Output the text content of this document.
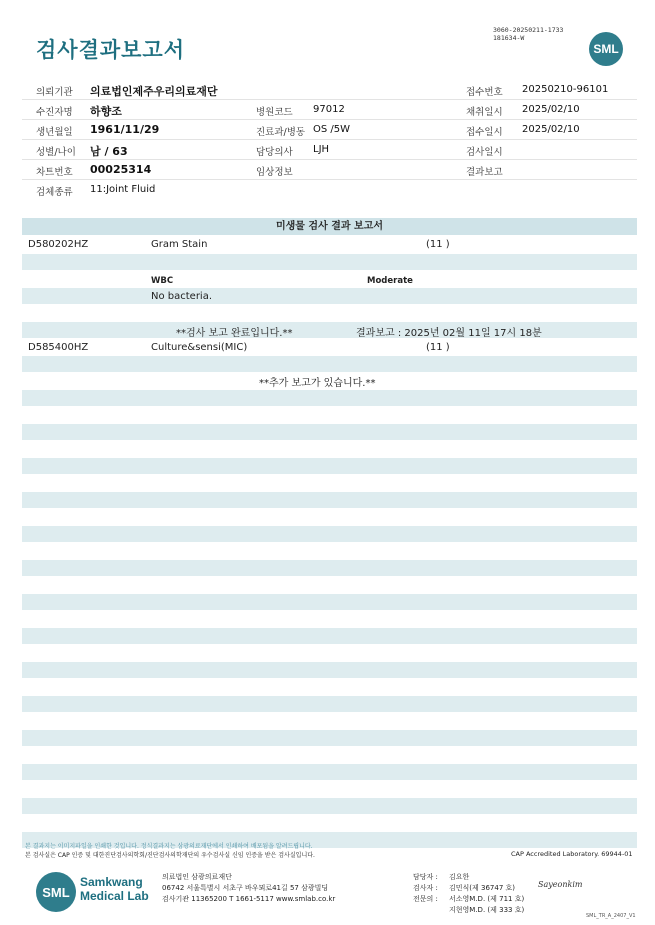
검사결과보고서
3060-20250211-1733
181634-W
SML
의뢰기관 의료법인제주우리의료재단	접수번호 20250210-96101
수진자명 하향조	병원코드 97012	채취일시 2025/02/10
생년월일 1961/11/29	진료과/병동 OS /5W	접수일시 2025/02/10
성별/나이 남 / 63	담당의사 LJH	검사일시
차트번호 00025314	임상정보	결과보고
검체종류 11:Joint Fluid
미생물 검사 결과 보고서
D580202HZ	Gram Stain	(11 )
WBC	Moderate
No bacteria.
**검사 보고 완료입니다.**	결과보고 : 2025년 02월 11일 17시 18분
D585400HZ	Culture&sensi(MIC)	(11 )
**추가 보고가 있습니다.**
본 결과지는 이미지파일을 인쇄한 것입니다. 정식결과지는 삼광의료재단에서 인쇄하여 배포됨을 알려드립니다.
본 검사실은 CAP 인증 및 대한진단검사의학회/진단검사의학재단의 우수검사실 신임 인증을 받은 검사실입니다.	CAP Accredited Laboratory. 69944-01
SML
Samkwang
Medical Lab
의료법인 삼광의료재단
06742 서울특별시 서초구 바우뫼로41길 57 삼광빌딩
검사기관 11365200 T 1661-5117 www.smlab.co.kr
담당자 : 김요한
검사자 : 김민식(제 36747 호)
전문의 : 서소영M.D. (제 711 호)
지현영M.D. (제 333 호)
Sayeonkim
SML_TR_A_2407_V1
